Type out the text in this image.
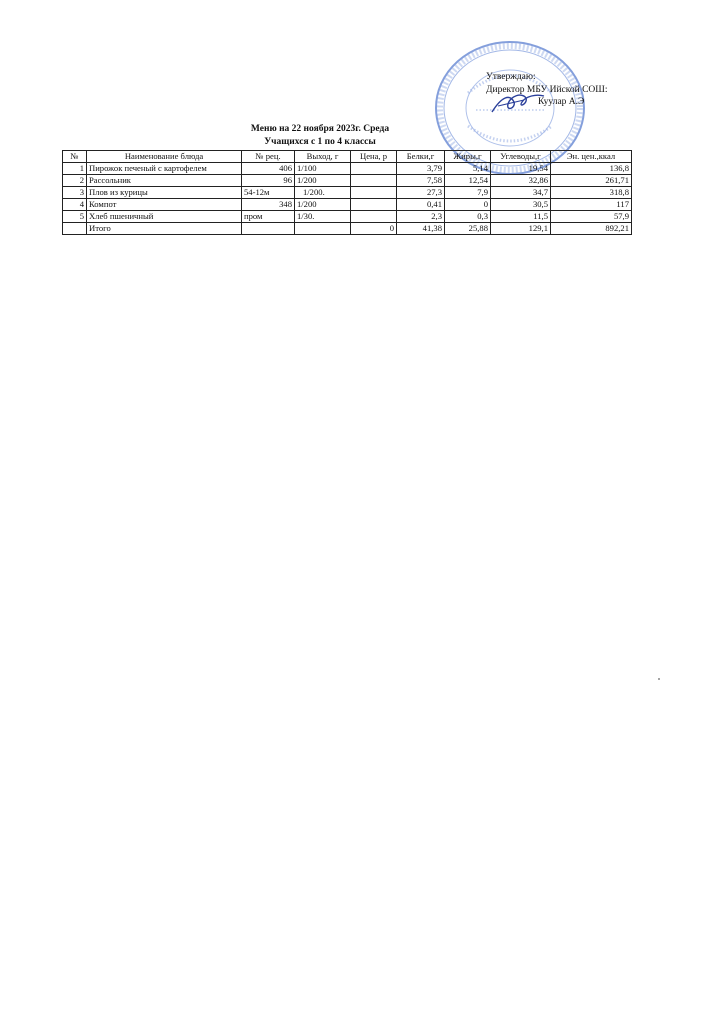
Утверждаю:
Директор МБУ Ийской СОШ:
Куулар А.Э
Меню на 22 ноября 2023г. Среда
Учащихся с 1 по 4 классы
№	Наименование блюда	№ рец.	Выход, г	Цена, р	Белки,г	Жиры,г	Углеводы,г	Эн. цен.,ккал
1	Пирожок печеный с картофелем	406	1/100		3,79	5,14	19,54	136,8
2	Рассольник	96	1/200		7,58	12,54	32,86	261,71
3	Плов из курицы	54-12м	1/200.		27,3	7,9	34,7	318,8
4	Компот	348	1/200		0,41	0	30,5	117
5	Хлеб пшеничный	пром	1/30.		2,3	0,3	11,5	57,9
	Итого			0	41,38	25,88	129,1	892,21
